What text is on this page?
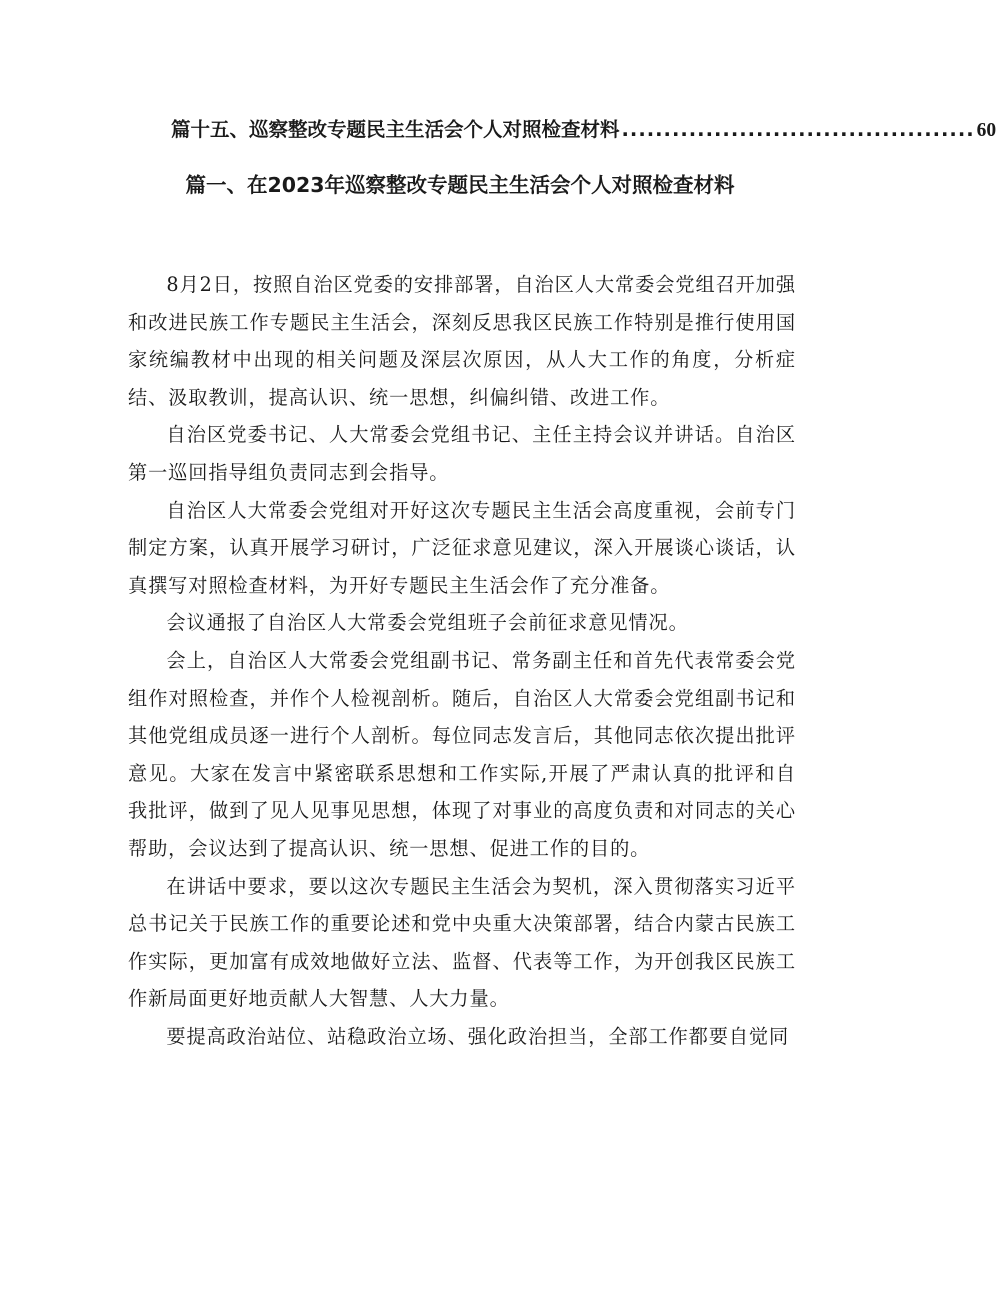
篇十五、巡察整改专题民主生活会个人对照检查材料 .......................................... 60
篇一、在2023年巡察整改专题民主生活会个人对照检查材料

8月2日，按照自治区党委的安排部署，自治区人大常委会党组召开加强和改进民族工作专题民主生活会，深刻反思我区民族工作特别是推行使用国家统编教材中出现的相关问题及深层次原因，从人大工作的角度，分析症结、汲取教训，提高认识、统一思想，纠偏纠错、改进工作。

自治区党委书记、人大常委会党组书记、主任主持会议并讲话。自治区第一巡回指导组负责同志到会指导。

自治区人大常委会党组对开好这次专题民主生活会高度重视，会前专门制定方案，认真开展学习研讨，广泛征求意见建议，深入开展谈心谈话，认真撰写对照检查材料，为开好专题民主生活会作了充分准备。

会议通报了自治区人大常委会党组班子会前征求意见情况。

会上，自治区人大常委会党组副书记、常务副主任和首先代表常委会党组作对照检查，并作个人检视剖析。随后，自治区人大常委会党组副书记和其他党组成员逐一进行个人剖析。每位同志发言后，其他同志依次提出批评意见。大家在发言中紧密联系思想和工作实际,开展了严肃认真的批评和自我批评，做到了见人见事见思想，体现了对事业的高度负责和对同志的关心帮助，会议达到了提高认识、统一思想、促进工作的目的。

在讲话中要求，要以这次专题民主生活会为契机，深入贯彻落实习近平总书记关于民族工作的重要论述和党中央重大决策部署，结合内蒙古民族工作实际，更加富有成效地做好立法、监督、代表等工作，为开创我区民族工作新局面更好地贡献人大智慧、人大力量。

要提高政治站位、站稳政治立场、强化政治担当，全部工作都要自觉同
